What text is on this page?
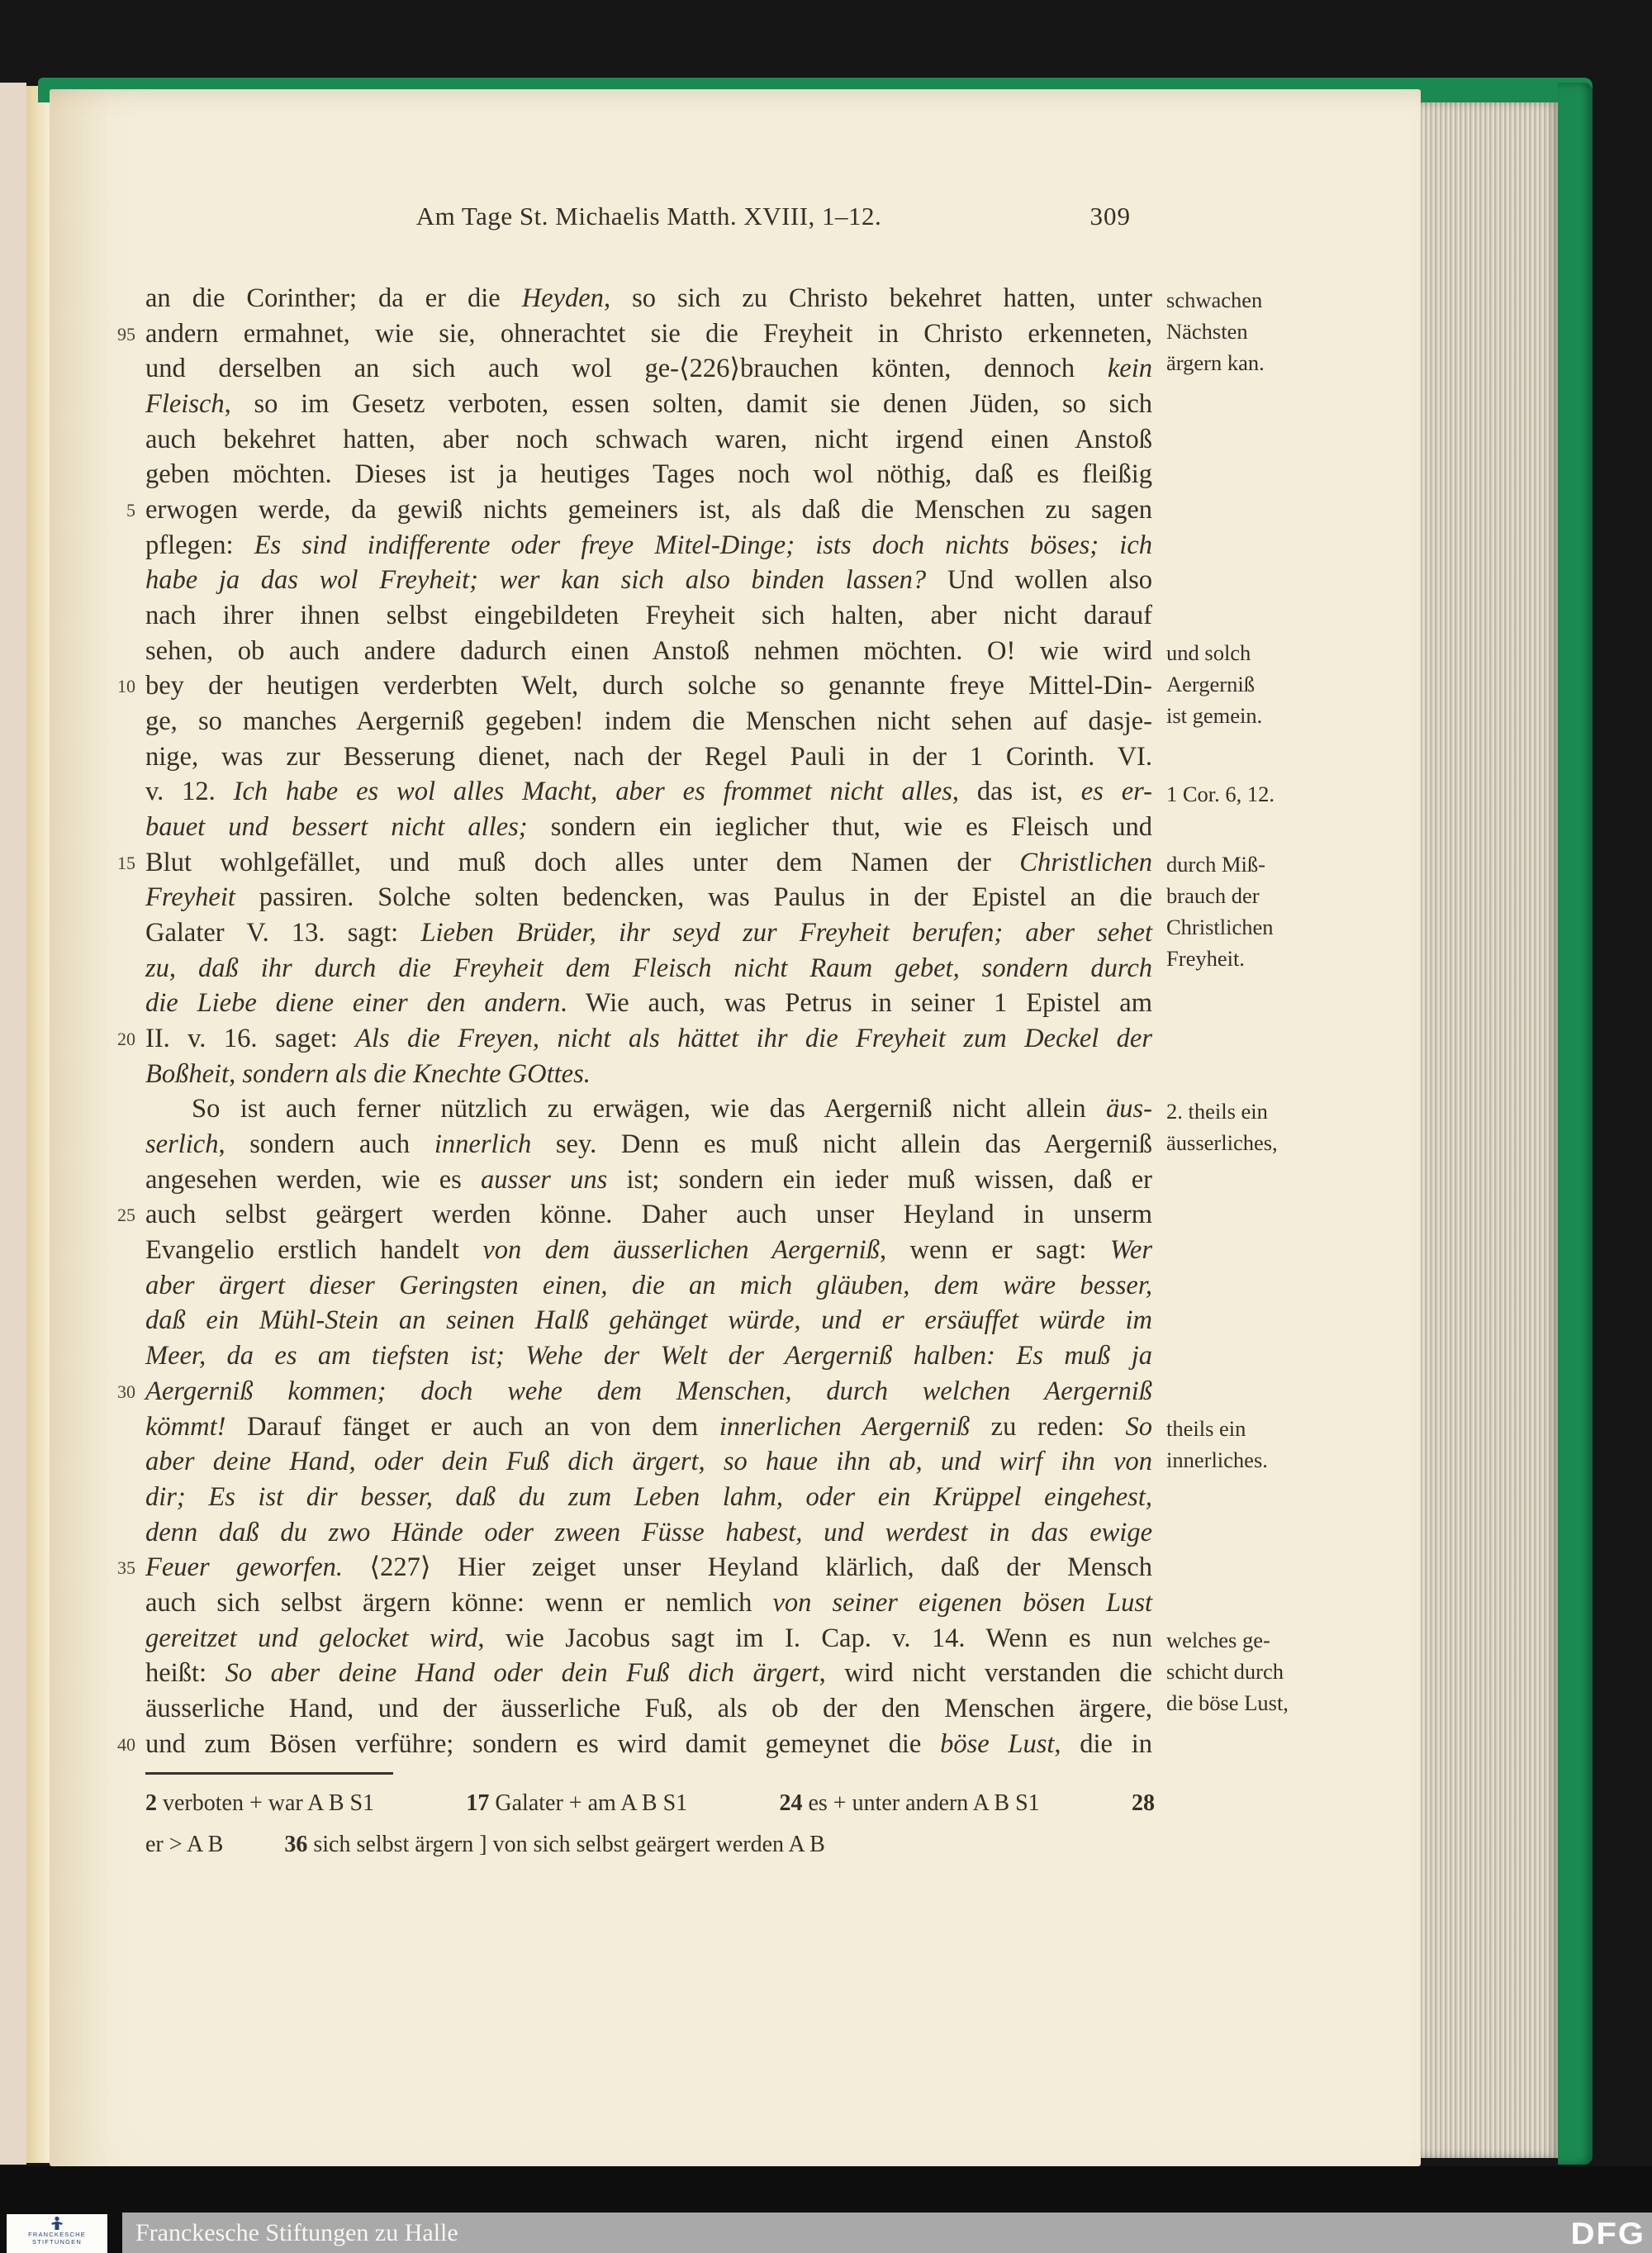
Am Tage St. Michaelis Matth. XVIII, 1–12.	309
an die Corinther; da er die Heyden, so sich zu Christo bekehret hatten, unter
95 andern ermahnet, wie sie, ohnerachtet sie die Freyheit in Christo erkenneten,
und derselben an sich auch wol ge-⟨226⟩brauchen könten, dennoch kein
Fleisch, so im Gesetz verboten, essen solten, damit sie denen Jüden, so sich
auch bekehret hatten, aber noch schwach waren, nicht irgend einen Anstoß
geben möchten. Dieses ist ja heutiges Tages noch wol nöthig, daß es fleißig
5 erwogen werde, da gewiß nichts gemeiners ist, als daß die Menschen zu sagen
pflegen: Es sind indifferente oder freye Mitel-Dinge; ists doch nichts böses; ich
habe ja das wol Freyheit; wer kan sich also binden lassen? Und wollen also
nach ihrer ihnen selbst eingebildeten Freyheit sich halten, aber nicht darauf
sehen, ob auch andere dadurch einen Anstoß nehmen möchten. O! wie wird
10 bey der heutigen verderbten Welt, durch solche so genannte freye Mittel-Din-
ge, so manches Aergerniß gegeben! indem die Menschen nicht sehen auf dasje-
nige, was zur Besserung dienet, nach der Regel Pauli in der 1 Corinth. VI.
v. 12. Ich habe es wol alles Macht, aber es frommet nicht alles, das ist, es er-
bauet und bessert nicht alles; sondern ein ieglicher thut, wie es Fleisch und
15 Blut wohlgefället, und muß doch alles unter dem Namen der Christlichen
Freyheit passiren. Solche solten bedencken, was Paulus in der Epistel an die
Galater V. 13. sagt: Lieben Brüder, ihr seyd zur Freyheit berufen; aber sehet
zu, daß ihr durch die Freyheit dem Fleisch nicht Raum gebet, sondern durch
die Liebe diene einer den andern. Wie auch, was Petrus in seiner 1 Epistel am
20 II. v. 16. saget: Als die Freyen, nicht als hättet ihr die Freyheit zum Deckel der
Boßheit, sondern als die Knechte GOttes.
So ist auch ferner nützlich zu erwägen, wie das Aergerniß nicht allein äus-
serlich, sondern auch innerlich sey. Denn es muß nicht allein das Aergerniß
angesehen werden, wie es ausser uns ist; sondern ein ieder muß wissen, daß er
25 auch selbst geärgert werden könne. Daher auch unser Heyland in unserm
Evangelio erstlich handelt von dem äusserlichen Aergerniß, wenn er sagt: Wer
aber ärgert dieser Geringsten einen, die an mich gläuben, dem wäre besser,
daß ein Mühl-Stein an seinen Halß gehänget würde, und er ersäuffet würde im
Meer, da es am tiefsten ist; Wehe der Welt der Aergerniß halben: Es muß ja
30 Aergerniß kommen; doch wehe dem Menschen, durch welchen Aergerniß
kömmt! Darauf fänget er auch an von dem innerlichen Aergerniß zu reden: So
aber deine Hand, oder dein Fuß dich ärgert, so haue ihn ab, und wirf ihn von
dir; Es ist dir besser, daß du zum Leben lahm, oder ein Krüppel eingehest,
denn daß du zwo Hände oder zween Füsse habest, und werdest in das ewige
35 Feuer geworfen. ⟨227⟩ Hier zeiget unser Heyland klärlich, daß der Mensch
auch sich selbst ärgern könne: wenn er nemlich von seiner eigenen bösen Lust
gereitzet und gelocket wird, wie Jacobus sagt im I. Cap. v. 14. Wenn es nun
heißt: So aber deine Hand oder dein Fuß dich ärgert, wird nicht verstanden die
äusserliche Hand, und der äusserliche Fuß, als ob der den Menschen ärgere,
40 und zum Bösen verführe; sondern es wird damit gemeynet die böse Lust, die in
schwachen
Nächsten
ärgern kan.
und solch
Aergerniß
ist gemein.
1 Cor. 6, 12.
durch Miß-
brauch der
Christlichen
Freyheit.
2. theils ein
äusserliches,
theils ein
innerliches.
welches ge-
schicht durch
die böse Lust,
2 verboten + war A B S1	17 Galater + am A B S1	24 es + unter andern A B S1	28
er > A B	36 sich selbst ärgern ] von sich selbst geärgert werden A B
Franckesche Stiftungen zu Halle
FRANCKESCHE
STIFTUNGEN	DFG
